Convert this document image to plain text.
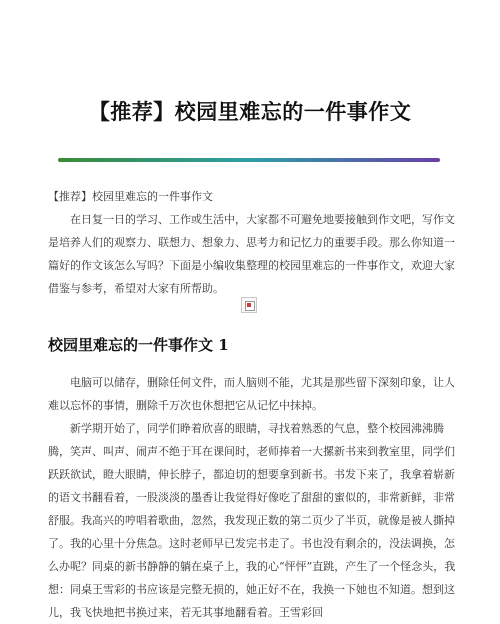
【推荐】校园里难忘的一件事作文

【推荐】校园里难忘的一件事作文

在日复一日的学习、工作或生活中，大家都不可避免地要接触到作文吧，写作文是培养人们的观察力、联想力、想象力、思考力和记忆力的重要手段。那么你知道一篇好的作文该怎么写吗？下面是小编收集整理的校园里难忘的一件事作文，欢迎大家借鉴与参考，希望对大家有所帮助。

校园里难忘的一件事作文 1

电脑可以储存，删除任何文件，而人脑则不能，尤其是那些留下深刻印象，让人难以忘怀的事情，删除千万次也休想把它从记忆中抹掉。

新学期开始了，同学们睁着欣喜的眼睛，寻找着熟悉的气息，整个校园沸沸腾腾，笑声、叫声、闹声不绝于耳在课间时，老师捧着一大摞新书来到教室里，同学们跃跃欲试，瞪大眼睛，伸长脖子，都迫切的想要拿到新书。书发下来了，我拿着崭新的语文书翻看着，一股淡淡的墨香让我觉得好像吃了甜甜的蜜似的，非常新鲜，非常舒服。我高兴的哼唱着歌曲，忽然，我发现正数的第二页少了半页，就像是被人撕掉了。我的心里十分焦急。这时老师早已发完书走了。书也没有剩余的，没法调换，怎么办呢？同桌的新书静静的躺在桌子上，我的心“怦怦”直跳，产生了一个怪念头，我想：同桌王雪彩的书应该是完整无损的，她正好不在，我换一下她也不知道。想到这儿，我飞快地把书换过来，若无其事地翻看着。王雪彩回
